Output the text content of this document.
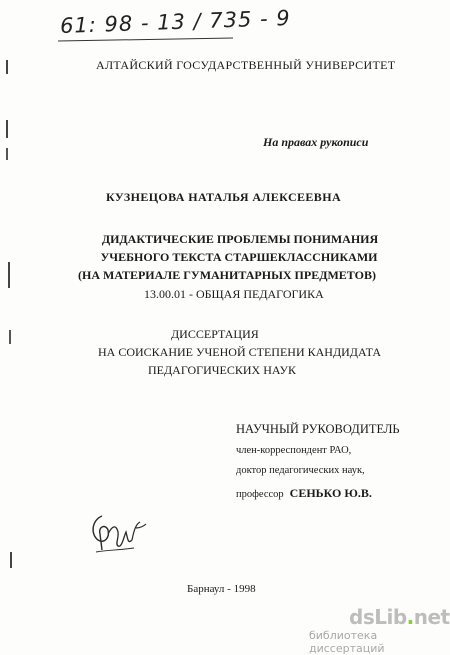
61: 98 - 13 / 735 - 9
АЛТАЙСКИЙ ГОСУДАРСТВЕННЫЙ УНИВЕРСИТЕТ
На правах рукописи
КУЗНЕЦОВА НАТАЛЬЯ АЛЕКСЕЕВНА
ДИДАКТИЧЕСКИЕ ПРОБЛЕМЫ ПОНИМАНИЯ
УЧЕБНОГО ТЕКСТА СТАРШЕКЛАССНИКАМИ
(НА МАТЕРИАЛЕ ГУМАНИТАРНЫХ ПРЕДМЕТОВ)
13.00.01 - ОБЩАЯ ПЕДАГОГИКА
ДИССЕРТАЦИЯ
НА СОИСКАНИЕ УЧЕНОЙ СТЕПЕНИ КАНДИДАТА
ПЕДАГОГИЧЕСКИХ НАУК
НАУЧНЫЙ РУКОВОДИТЕЛЬ
член-корреспондент РАО,
доктор педагогических наук,
профессор СЕНЬКО Ю.В.
Барнаул - 1998
dsLib.net
библиотека диссертаций
